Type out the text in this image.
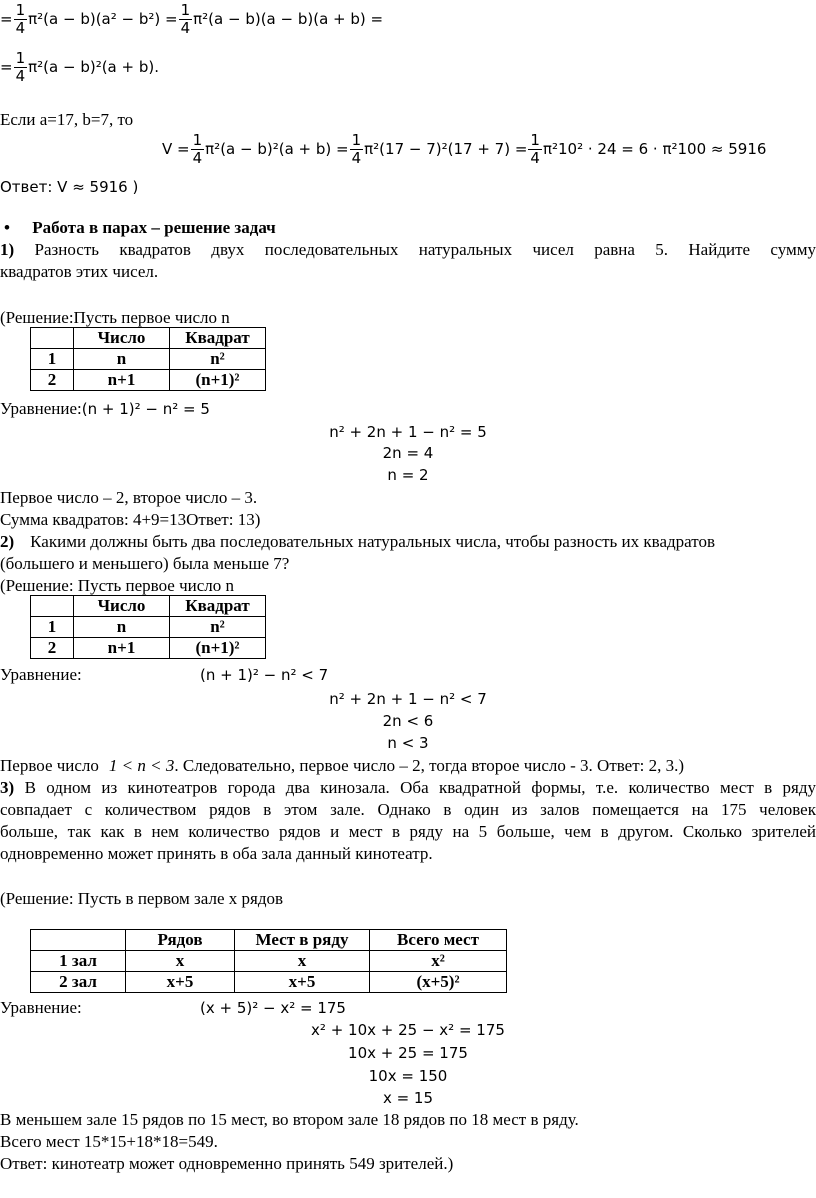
= $\frac{1}{4} \pi^2(a - b)(a^2 - b^2) = \frac{1}{4} \pi^2(a - b)(a - b)(a + b)$ =
= $\frac{1}{4} \pi^2(a - b)^2(a + b)$.
Если a=17, b=7, то
$V = \frac{1}{4} \pi^2(a - b)^2(a + b) = \frac{1}{4} \pi^2(17 - 7)^2(17 + 7) = \frac{1}{4} \pi^210^2 \cdot 24 = 6 \cdot \pi^2100 \approx 5916$
Ответ: V ≈ 5916 )
• Работа в парах – решение задач
1) Разность квадратов двух последовательных натуральных чисел равна 5. Найдите сумму
квадратов этих чисел.
(Решение:Пусть первое число n
	Число	Квадрат
1	n	n²
2	n+1	(n+1)²
Уравнение:(n + 1)² − n² = 5
n² + 2n + 1 − n² = 5
2n = 4
n = 2
Первое число – 2, второе число – 3.
Сумма квадратов: 4+9=13Ответ: 13)
2) Какими должны быть два последовательных натуральных числа, чтобы разность их квадратов
(большего и меньшего) была меньше 7?
(Решение: Пусть первое число n
	Число	Квадрат
1	n	n²
2	n+1	(n+1)²
Уравнение:	(n + 1)² − n² < 7
n² + 2n + 1 − n² < 7
2n < 6
n < 3
Первое число 1 < n < 3. Следовательно, первое число – 2, тогда второе число - 3. Ответ: 2, 3.)
3) В одном из кинотеатров города два кинозала. Оба квадратной формы, т.е. количество мест в ряду
совпадает с количеством рядов в этом зале. Однако в один из залов помещается на 175 человек
больше, так как в нем количество рядов и мест в ряду на 5 больше, чем в другом. Сколько зрителей
одновременно может принять в оба зала данный кинотеатр.
(Решение: Пусть в первом зале x рядов
	Рядов	Мест в ряду	Всего мест
1 зал	x	x	x²
2 зал	x+5	x+5	(x+5)²
Уравнение:	(x + 5)² − x² = 175
x² + 10x + 25 − x² = 175
10x + 25 = 175
10x = 150
x = 15
В меньшем зале 15 рядов по 15 мест, во втором зале 18 рядов по 18 мест в ряду.
Всего мест 15*15+18*18=549.
Ответ: кинотеатр может одновременно принять 549 зрителей.)
